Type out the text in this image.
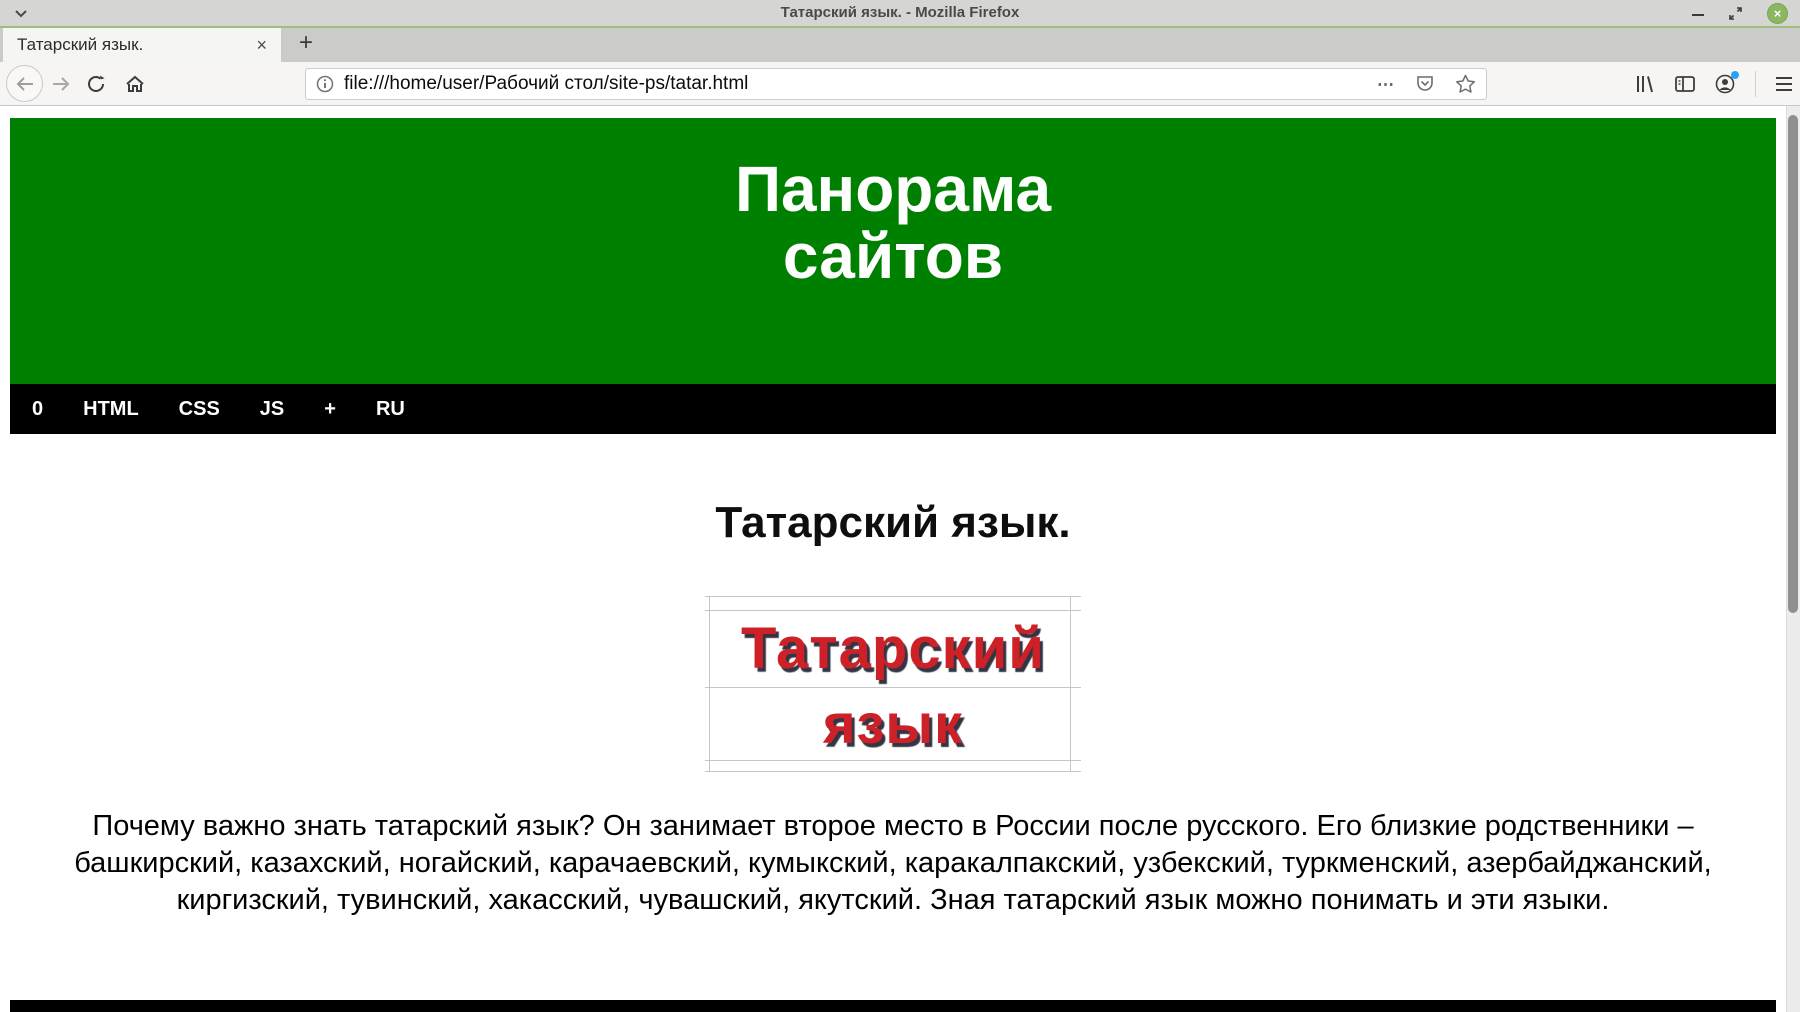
Татарский язык. - Mozilla Firefox	×
Татарский язык.	× +
file:///home/user/Рабочий стол/site-ps/tatar.html	⋯
Панорама
сайтов
0 HTML CSS JS + RU
Татарский язык.
Татарский
язык

Почему важно знать татарский язык? Он занимает второе место в России после русского. Его близкие родственники – башкирский, казахский, ногайский, карачаевский, кумыкский, каракалпакский, узбекский, туркменский, азербайджанский, киргизский, тувинский, хакасский, чувашский, якутский. Зная татарский язык можно понимать и эти языки.
